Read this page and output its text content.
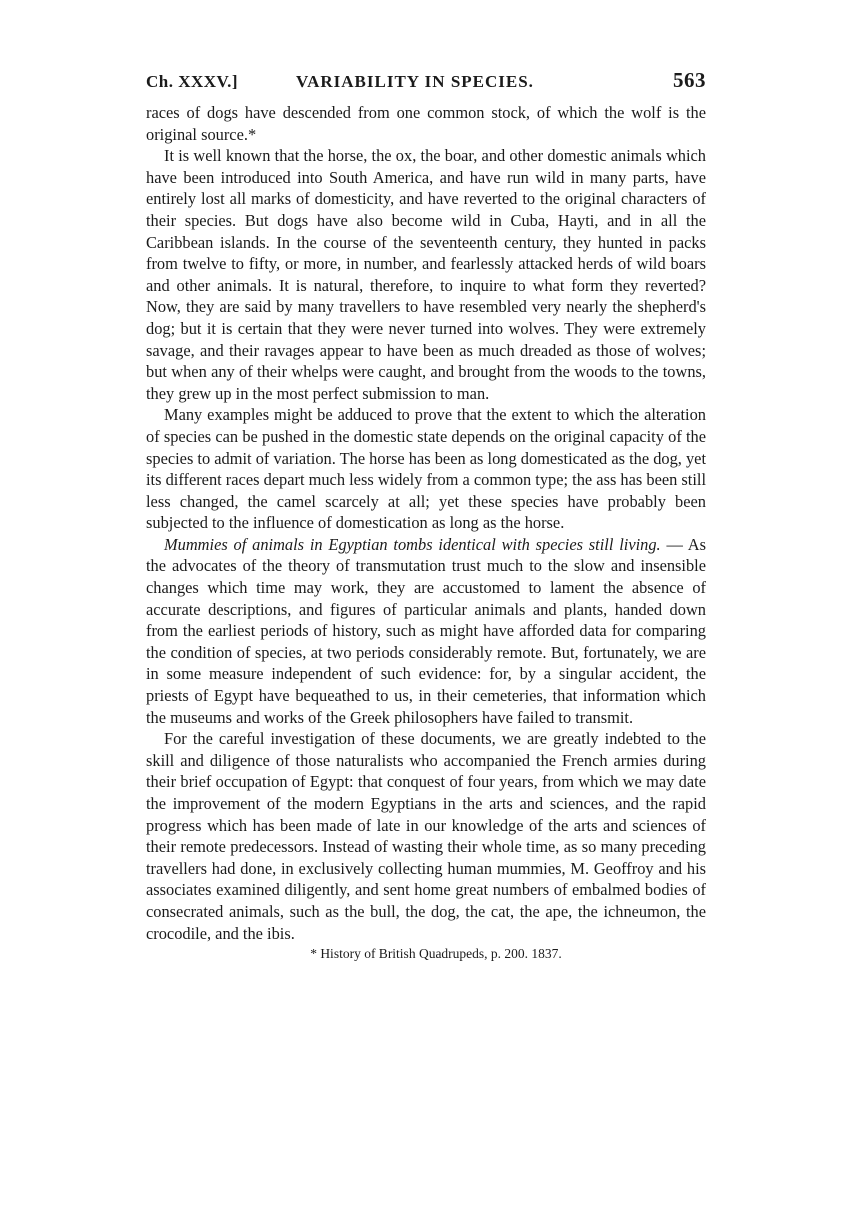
Ch. XXXV.]	VARIABILITY IN SPECIES.	563

races of dogs have descended from one common stock, of which the wolf is the original source.*

It is well known that the horse, the ox, the boar, and other domestic animals which have been introduced into South America, and have run wild in many parts, have entirely lost all marks of domesticity, and have reverted to the original characters of their species. But dogs have also become wild in Cuba, Hayti, and in all the Caribbean islands. In the course of the seventeenth century, they hunted in packs from twelve to fifty, or more, in number, and fearlessly attacked herds of wild boars and other animals. It is natural, therefore, to inquire to what form they reverted? Now, they are said by many travellers to have resembled very nearly the shepherd's dog; but it is certain that they were never turned into wolves. They were extremely savage, and their ravages appear to have been as much dreaded as those of wolves; but when any of their whelps were caught, and brought from the woods to the towns, they grew up in the most perfect submission to man.

Many examples might be adduced to prove that the extent to which the alteration of species can be pushed in the domestic state depends on the original capacity of the species to admit of variation. The horse has been as long domesticated as the dog, yet its different races depart much less widely from a common type; the ass has been still less changed, the camel scarcely at all; yet these species have probably been subjected to the influence of domestication as long as the horse.

Mummies of animals in Egyptian tombs identical with species still living. — As the advocates of the theory of transmutation trust much to the slow and insensible changes which time may work, they are accustomed to lament the absence of accurate descriptions, and figures of particular animals and plants, handed down from the earliest periods of history, such as might have afforded data for comparing the condition of species, at two periods considerably remote. But, fortunately, we are in some measure independent of such evidence: for, by a singular accident, the priests of Egypt have bequeathed to us, in their cemeteries, that information which the museums and works of the Greek philosophers have failed to transmit.

For the careful investigation of these documents, we are greatly indebted to the skill and diligence of those naturalists who accompanied the French armies during their brief occupation of Egypt: that conquest of four years, from which we may date the improvement of the modern Egyptians in the arts and sciences, and the rapid progress which has been made of late in our knowledge of the arts and sciences of their remote predecessors. Instead of wasting their whole time, as so many preceding travellers had done, in exclusively collecting human mummies, M. Geoffroy and his associates examined diligently, and sent home great numbers of embalmed bodies of consecrated animals, such as the bull, the dog, the cat, the ape, the ichneumon, the crocodile, and the ibis.

* History of British Quadrupeds, p. 200. 1837.
